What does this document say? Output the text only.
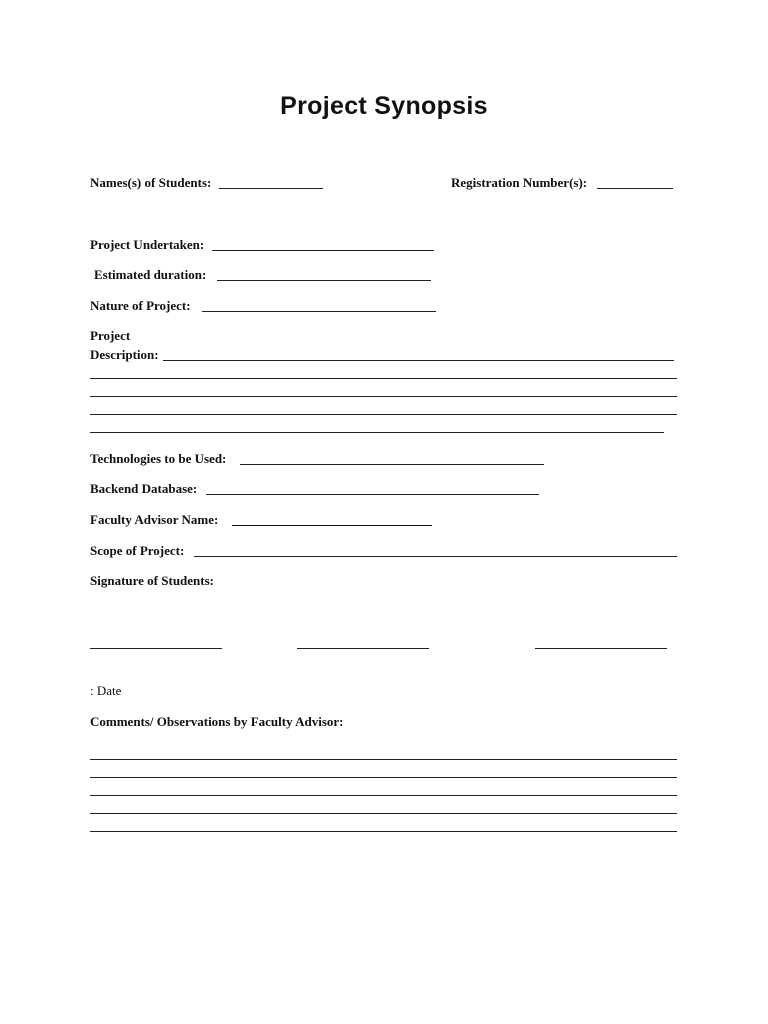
Project Synopsis
Names(s) of Students:	Registration Number(s):
Project Undertaken:
Estimated duration:
Nature of Project:
Project
Description:
Technologies to be Used:
Backend Database:
Faculty Advisor Name:
Scope of Project:
Signature of Students:
: Date
Comments/ Observations by Faculty Advisor:
